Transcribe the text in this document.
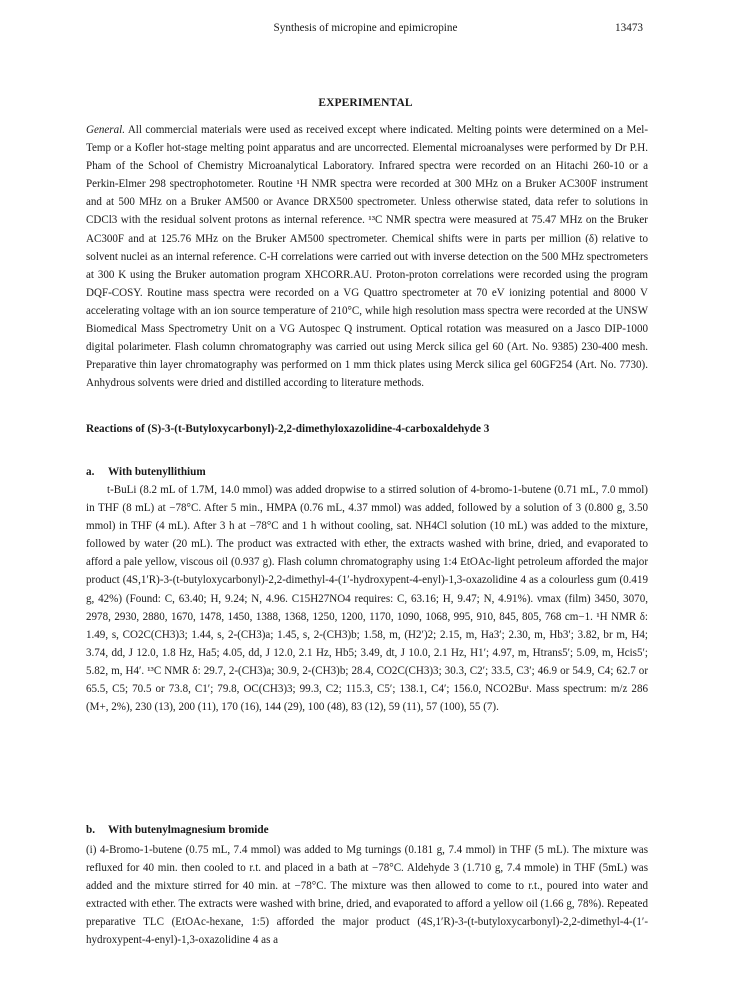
Synthesis of micropine and epimicropine	13473
EXPERIMENTAL

General. All commercial materials were used as received except where indicated. Melting points were determined on a Mel-Temp or a Kofler hot-stage melting point apparatus and are uncorrected. Elemental microanalyses were performed by Dr P.H. Pham of the School of Chemistry Microanalytical Laboratory. Infrared spectra were recorded on an Hitachi 260-10 or a Perkin-Elmer 298 spectrophotometer. Routine ¹H NMR spectra were recorded at 300 MHz on a Bruker AC300F instrument and at 500 MHz on a Bruker AM500 or Avance DRX500 spectrometer. Unless otherwise stated, data refer to solutions in CDCl3 with the residual solvent protons as internal reference. ¹³C NMR spectra were measured at 75.47 MHz on the Bruker AC300F and at 125.76 MHz on the Bruker AM500 spectrometer. Chemical shifts were in parts per million (δ) relative to solvent nuclei as an internal reference. C-H correlations were carried out with inverse detection on the 500 MHz spectrometers at 300 K using the Bruker automation program XHCORR.AU. Proton-proton correlations were recorded using the program DQF-COSY. Routine mass spectra were recorded on a VG Quattro spectrometer at 70 eV ionizing potential and 8000 V accelerating voltage with an ion source temperature of 210°C, while high resolution mass spectra were recorded at the UNSW Biomedical Mass Spectrometry Unit on a VG Autospec Q instrument. Optical rotation was measured on a Jasco DIP-1000 digital polarimeter. Flash column chromatography was carried out using Merck silica gel 60 (Art. No. 9385) 230-400 mesh. Preparative thin layer chromatography was performed on 1 mm thick plates using Merck silica gel 60GF254 (Art. No. 7730). Anhydrous solvents were dried and distilled according to literature methods.

Reactions of (S)-3-(t-Butyloxycarbonyl)-2,2-dimethyloxazolidine-4-carboxaldehyde 3
a. With butenyllithium

t-BuLi (8.2 mL of 1.7M, 14.0 mmol) was added dropwise to a stirred solution of 4-bromo-1-butene (0.71 mL, 7.0 mmol) in THF (8 mL) at −78°C. After 5 min., HMPA (0.76 mL, 4.37 mmol) was added, followed by a solution of 3 (0.800 g, 3.50 mmol) in THF (4 mL). After 3 h at −78°C and 1 h without cooling, sat. NH4Cl solution (10 mL) was added to the mixture, followed by water (20 mL). The product was extracted with ether, the extracts washed with brine, dried, and evaporated to afford a pale yellow, viscous oil (0.937 g). Flash column chromatography using 1:4 EtOAc-light petroleum afforded the major product (4S,1′R)-3-(t-butyloxycarbonyl)-2,2-dimethyl-4-(1′-hydroxypent-4-enyl)-1,3-oxazolidine 4 as a colourless gum (0.419 g, 42%) (Found: C, 63.40; H, 9.24; N, 4.96. C15H27NO4 requires: C, 63.16; H, 9.47; N, 4.91%). νmax (film) 3450, 3070, 2978, 2930, 2880, 1670, 1478, 1450, 1388, 1368, 1250, 1200, 1170, 1090, 1068, 995, 910, 845, 805, 768 cm−1. ¹H NMR δ: 1.49, s, CO2C(CH3)3; 1.44, s, 2-(CH3)a; 1.45, s, 2-(CH3)b; 1.58, m, (H2′)2; 2.15, m, Ha3′; 2.30, m, Hb3′; 3.82, br m, H4; 3.74, dd, J 12.0, 1.8 Hz, Ha5; 4.05, dd, J 12.0, 2.1 Hz, Hb5; 3.49, dt, J 10.0, 2.1 Hz, H1′; 4.97, m, Htrans5′; 5.09, m, Hcis5′; 5.82, m, H4′. ¹³C NMR δ: 29.7, 2-(CH3)a; 30.9, 2-(CH3)b; 28.4, CO2C(CH3)3; 30.3, C2′; 33.5, C3′; 46.9 or 54.9, C4; 62.7 or 65.5, C5; 70.5 or 73.8, C1′; 79.8, OC(CH3)3; 99.3, C2; 115.3, C5′; 138.1, C4′; 156.0, NCO2Buᵗ. Mass spectrum: m/z 286 (M+, 2%), 230 (13), 200 (11), 170 (16), 144 (29), 100 (48), 83 (12), 59 (11), 57 (100), 55 (7).

b. With butenylmagnesium bromide

(i) 4-Bromo-1-butene (0.75 mL, 7.4 mmol) was added to Mg turnings (0.181 g, 7.4 mmol) in THF (5 mL). The mixture was refluxed for 40 min. then cooled to r.t. and placed in a bath at −78°C. Aldehyde 3 (1.710 g, 7.4 mmole) in THF (5mL) was added and the mixture stirred for 40 min. at −78°C. The mixture was then allowed to come to r.t., poured into water and extracted with ether. The extracts were washed with brine, dried, and evaporated to afford a yellow oil (1.66 g, 78%). Repeated preparative TLC (EtOAc-hexane, 1:5) afforded the major product (4S,1′R)-3-(t-butyloxycarbonyl)-2,2-dimethyl-4-(1′-hydroxypent-4-enyl)-1,3-oxazolidine 4 as a
